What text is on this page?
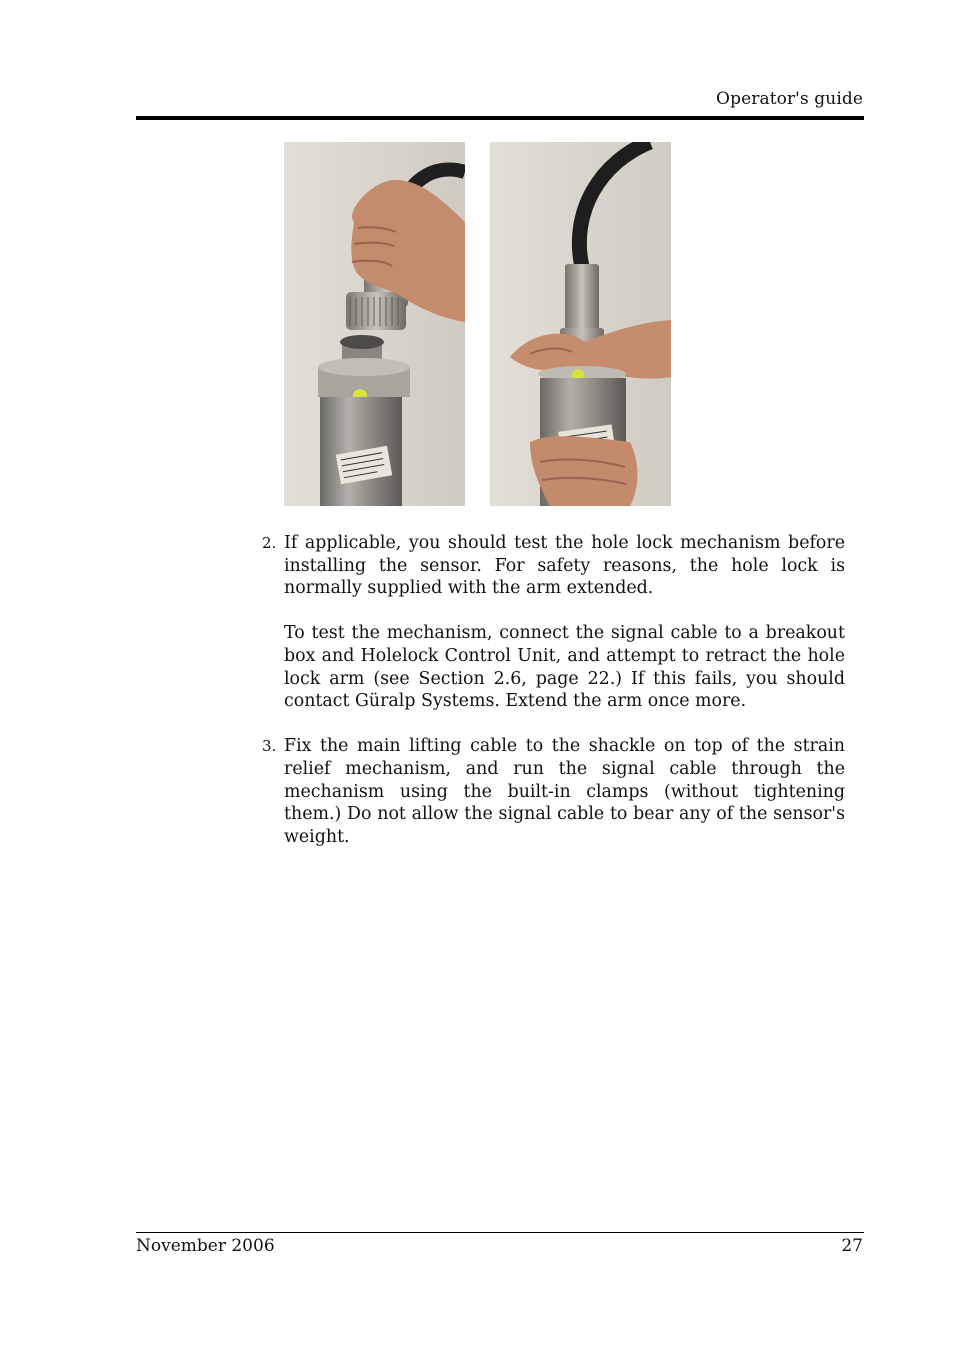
Operator's guide
2. If applicable, you should test the hole lock mechanism before installing the sensor. For safety reasons, the hole lock is normally supplied with the arm extended.

To test the mechanism, connect the signal cable to a breakout box and Holelock Control Unit, and attempt to retract the hole lock arm (see Section 2.6, page 22.) If this fails, you should contact Güralp Systems. Extend the arm once more.

3. Fix the main lifting cable to the shackle on top of the strain relief mechanism, and run the signal cable through the mechanism using the built-in clamps (without tightening them.) Do not allow the signal cable to bear any of the sensor's weight.

November 2006	27
